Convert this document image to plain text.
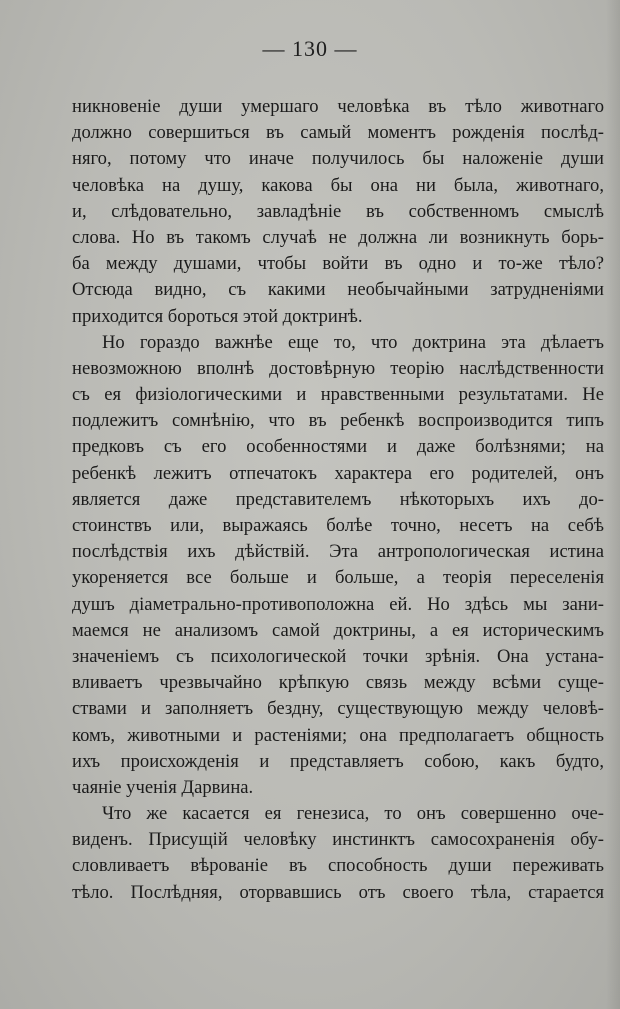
— 130 —
никновеніе души умершаго человѣка въ тѣло животнаго
должно совершиться въ самый моментъ рожденія послѣд-
няго, потому что иначе получилось бы наложеніе души
человѣка на душу, какова бы она ни была, животнаго,
и, слѣдовательно, завладѣніе въ собственномъ смыслѣ
слова. Но въ такомъ случаѣ не должна ли возникнуть борь-
ба между душами, чтобы войти въ одно и то-же тѣло?
Отсюда видно, съ какими необычайными затрудненіями
приходится бороться этой доктринѣ.
Но гораздо важнѣе еще то, что доктрина эта дѣлаетъ
невозможною вполнѣ достовѣрную теорію наслѣдственности
съ ея физіологическими и нравственными результатами. Не
подлежитъ сомнѣнію, что въ ребенкѣ воспроизводится типъ
предковъ съ его особенностями и даже болѣзнями; на
ребенкѣ лежитъ отпечатокъ характера его родителей, онъ
является даже представителемъ нѣкоторыхъ ихъ до-
стоинствъ или, выражаясь болѣе точно, несетъ на себѣ
послѣдствія ихъ дѣйствій. Эта антропологическая истина
укореняется все больше и больше, а теорія переселенія
душъ діаметрально-противоположна ей. Но здѣсь мы зани-
маемся не анализомъ самой доктрины, а ея историческимъ
значеніемъ съ психологической точки зрѣнія. Она устана-
вливаетъ чрезвычайно крѣпкую связь между всѣми суще-
ствами и заполняетъ бездну, существующую между человѣ-
комъ, животными и растеніями; она предполагаетъ общность
ихъ происхожденія и представляетъ собою, какъ будто,
чаяніе ученія Дарвина.
Что же касается ея генезиса, то онъ совершенно оче-
виденъ. Присущій человѣку инстинктъ самосохраненія обу-
словливаетъ вѣрованіе въ способность души переживать
тѣло. Послѣдняя, оторвавшись отъ своего тѣла, старается
